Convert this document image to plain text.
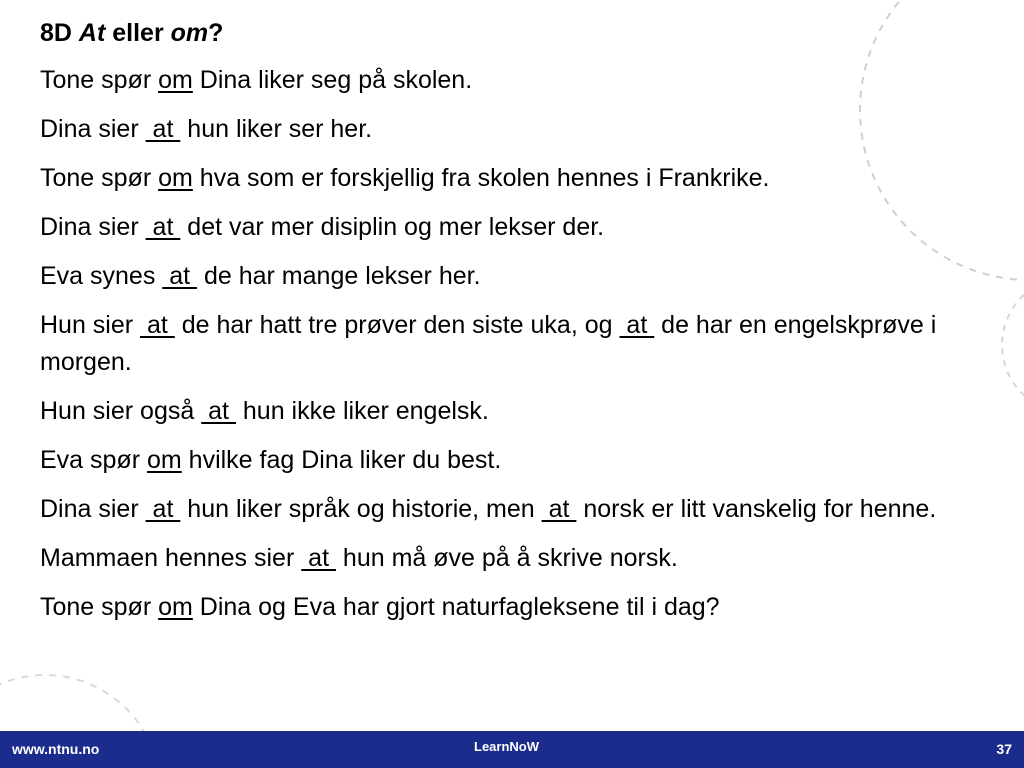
8D At eller om?
Tone spør om Dina liker seg på skolen.
Dina sier  at  hun liker ser her.
Tone spør om hva som er forskjellig fra skolen hennes i Frankrike.
Dina sier  at  det var mer disiplin og mer lekser der.
Eva synes  at  de har mange lekser her.
Hun sier  at  de har hatt tre prøver den siste uka, og  at  de har en engelskprøve i morgen.
Hun sier også  at  hun ikke liker engelsk.
Eva spør om hvilke fag Dina liker du best.
Dina sier  at  hun liker språk og historie, men  at  norsk er litt vanskelig for henne.
Mammaen hennes sier  at  hun må øve på å skrive norsk.
Tone spør om Dina og Eva har gjort naturfagleksene til i dag?
www.ntnu.no	LearnNoW	37
